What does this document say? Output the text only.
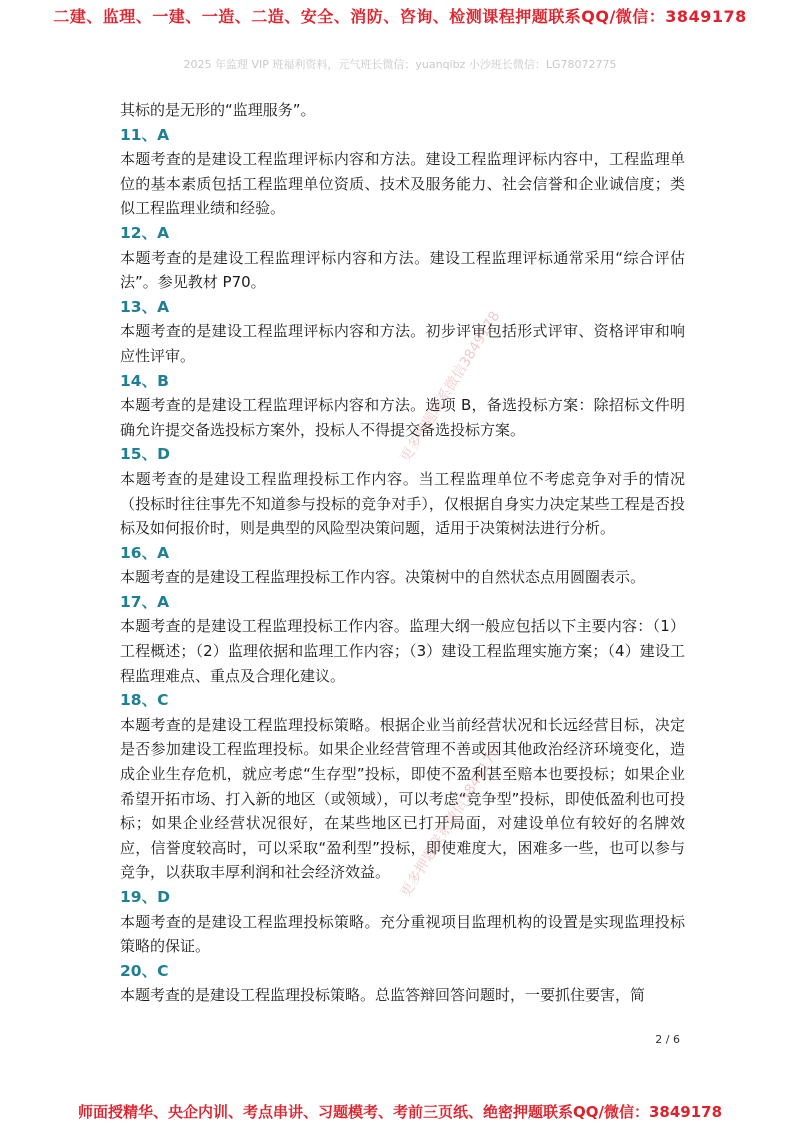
二建、监理、一建、一造、二造、安全、消防、咨询、检测课程押题联系QQ/微信：3849178
2025 年监理 VIP 班福利资料，元气班长微信：yuanqibz 小沙班长微信：LG78072775

其标的是无形的“监理服务”。

11、A

本题考查的是建设工程监理评标内容和方法。建设工程监理评标内容中，工程监理单位的基本素质包括工程监理单位资质、技术及服务能力、社会信誉和企业诚信度；类似工程监理业绩和经验。

12、A

本题考查的是建设工程监理评标内容和方法。建设工程监理评标通常采用“综合评估法”。参见教材 P70。

13、A

本题考查的是建设工程监理评标内容和方法。初步评审包括形式评审、资格评审和响应性评审。

14、B

本题考查的是建设工程监理评标内容和方法。选项 B，备选投标方案：除招标文件明确允许提交备选投标方案外，投标人不得提交备选投标方案。

15、D

本题考查的是建设工程监理投标工作内容。当工程监理单位不考虑竞争对手的情况（投标时往往事先不知道参与投标的竞争对手），仅根据自身实力决定某些工程是否投标及如何报价时，则是典型的风险型决策问题，适用于决策树法进行分析。

16、A

本题考查的是建设工程监理投标工作内容。决策树中的自然状态点用圆圈表示。

17、A

本题考查的是建设工程监理投标工作内容。监理大纲一般应包括以下主要内容：（1）工程概述；（2）监理依据和监理工作内容；（3）建设工程监理实施方案；（4）建设工程监理难点、重点及合理化建议。

18、C

本题考查的是建设工程监理投标策略。根据企业当前经营状况和长远经营目标，决定是否参加建设工程监理投标。如果企业经营管理不善或因其他政治经济环境变化，造成企业生存危机，就应考虑“生存型”投标，即使不盈利甚至赔本也要投标；如果企业希望开拓市场、打入新的地区（或领域），可以考虑“竞争型”投标，即使低盈利也可投标；如果企业经营状况很好，在某些地区已打开局面，对建设单位有较好的名牌效应，信誉度较高时，可以采取“盈利型”投标，即使难度大，困难多一些，也可以参与竞争，以获取丰厚利润和社会经济效益。

19、D

本题考查的是建设工程监理投标策略。充分重视项目监理机构的设置是实现监理投标策略的保证。

20、C

本题考查的是建设工程监理投标策略。总监答辩回答问题时，一要抓住要害，简

更多押题联系微信3849178
更多押题联系微信3849178
2 / 6
师面授精华、央企内训、考点串讲、习题模考、考前三页纸、绝密押题联系QQ/微信：3849178
